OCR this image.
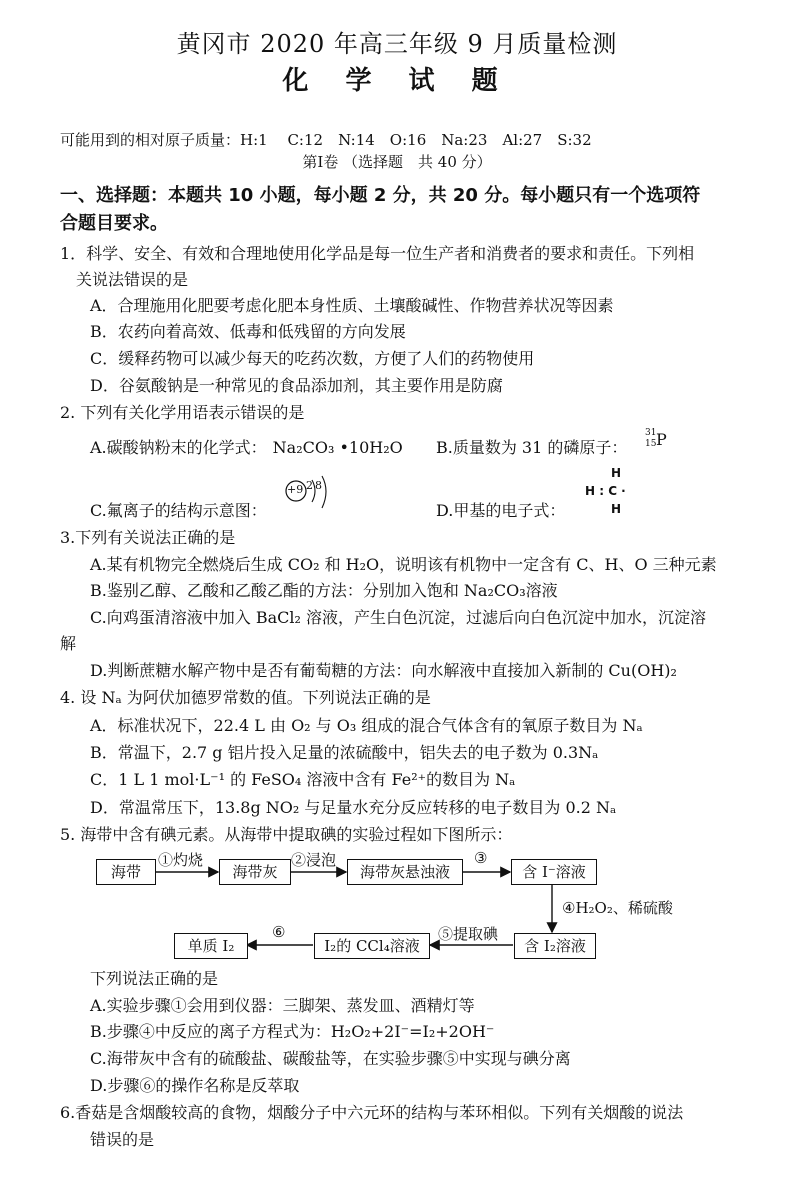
黄冈市 2020 年高三年级 9 月质量检测
化 学 试 题
可能用到的相对原子质量：H:1　 C:12　N:14　O:16　Na:23　Al:27　S:32
第Ⅰ卷 （选择题　共 40 分）
一、选择题：本题共 10 小题，每小题 2 分，共 20 分。每小题只有一个选项符
合题目要求。
1．科学、安全、有效和合理地使用化学品是每一位生产者和消费者的要求和责任。下列相
关说法错误的是
A．合理施用化肥要考虑化肥本身性质、土壤酸碱性、作物营养状况等因素
B．农药向着高效、低毒和低残留的方向发展
C．缓释药物可以减少每天的吃药次数，方便了人们的药物使用
D．谷氨酸钠是一种常见的食品添加剂，其主要作用是防腐
2. 下列有关化学用语表示错误的是
A.碳酸钠粉末的化学式： Na₂CO₃ •10H₂O B.质量数为 31 的磷原子：
31
15 P
C.氟离子的结构示意图：
+9 2 8
D.甲基的电子式：
H
H : C ·
H
3.下列有关说法正确的是
A.某有机物完全燃烧后生成 CO₂ 和 H₂O，说明该有机物中一定含有 C、H、O 三种元素
B.鉴别乙醇、乙酸和乙酸乙酯的方法：分别加入饱和 Na₂CO₃溶液
C.向鸡蛋清溶液中加入 BaCl₂ 溶液，产生白色沉淀，过滤后向白色沉淀中加水，沉淀溶
解
D.判断蔗糖水解产物中是否有葡萄糖的方法：向水解液中直接加入新制的 Cu(OH)₂
4. 设 Nₐ 为阿伏加德罗常数的值。下列说法正确的是
A．标准状况下，22.4 L 由 O₂ 与 O₃ 组成的混合气体含有的氧原子数目为 Nₐ
B．常温下，2.7 g 铝片投入足量的浓硫酸中，铝失去的电子数为 0.3Nₐ
C．1 L 1 mol·L⁻¹ 的 FeSO₄ 溶液中含有 Fe²⁺的数目为 Nₐ
D．常温常压下，13.8g NO₂ 与足量水充分反应转移的电子数目为 0.2 Nₐ
5. 海带中含有碘元素。从海带中提取碘的实验过程如下图所示：
海带	海带灰	海带灰悬浊液	含 I⁻溶液
含 I₂溶液
I₂的 CCl₄溶液
单质 I₂
①灼烧	②浸泡	③
④H₂O₂、稀硫酸
⑤提取碘
⑥
下列说法正确的是
A.实验步骤①会用到仪器：三脚架、蒸发皿、酒精灯等
B.步骤④中反应的离子方程式为：H₂O₂+2I⁻=I₂+2OH⁻
C.海带灰中含有的硫酸盐、碳酸盐等，在实验步骤⑤中实现与碘分离
D.步骤⑥的操作名称是反萃取
6.香菇是含烟酸较高的食物，烟酸分子中六元环的结构与苯环相似。下列有关烟酸的说法
错误的是
